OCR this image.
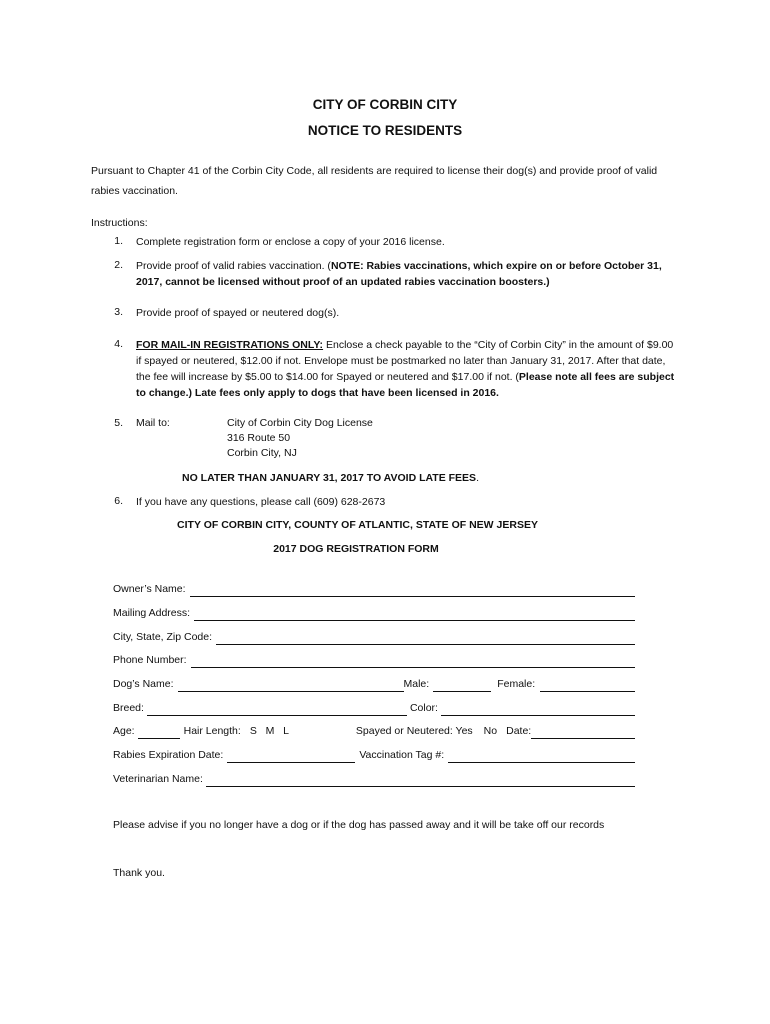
CITY OF CORBIN CITY
NOTICE TO RESIDENTS
Pursuant to Chapter 41 of the Corbin City Code, all residents are required to license their dog(s) and provide proof of valid rabies vaccination.
Instructions:
1. Complete registration form or enclose a copy of your 2016 license.
2. Provide proof of valid rabies vaccination. (NOTE: Rabies vaccinations, which expire on or before October 31, 2017, cannot be licensed without proof of an updated rabies vaccination boosters.)
3. Provide proof of spayed or neutered dog(s).
4. FOR MAIL-IN REGISTRATIONS ONLY: Enclose a check payable to the “City of Corbin City” in the amount of $9.00 if spayed or neutered, $12.00 if not. Envelope must be postmarked no later than January 31, 2017. After that date, the fee will increase by $5.00 to $14.00 for Spayed or neutered and $17.00 if not. (Please note all fees are subject to change.) Late fees only apply to dogs that have been licensed in 2016.
5. Mail to:	City of Corbin City Dog License
316 Route 50
Corbin City, NJ
NO LATER THAN JANUARY 31, 2017 TO AVOID LATE FEES.
6. If you have any questions, please call (609) 628-2673
CITY OF CORBIN CITY, COUNTY OF ATLANTIC, STATE OF NEW JERSEY
2017 DOG REGISTRATION FORM
Owner’s Name:
Mailing Address:
City, State, Zip Code:
Phone Number:
Dog’s Name:	Male:	Female:
Breed:	Color:
Age:	Hair Length: S   M   L	Spayed or Neutered: Yes No Date:
Rabies Expiration Date:	Vaccination Tag #:
Veterinarian Name:
Please advise if you no longer have a dog or if the dog has passed away and it will be take off our records
Thank you.
